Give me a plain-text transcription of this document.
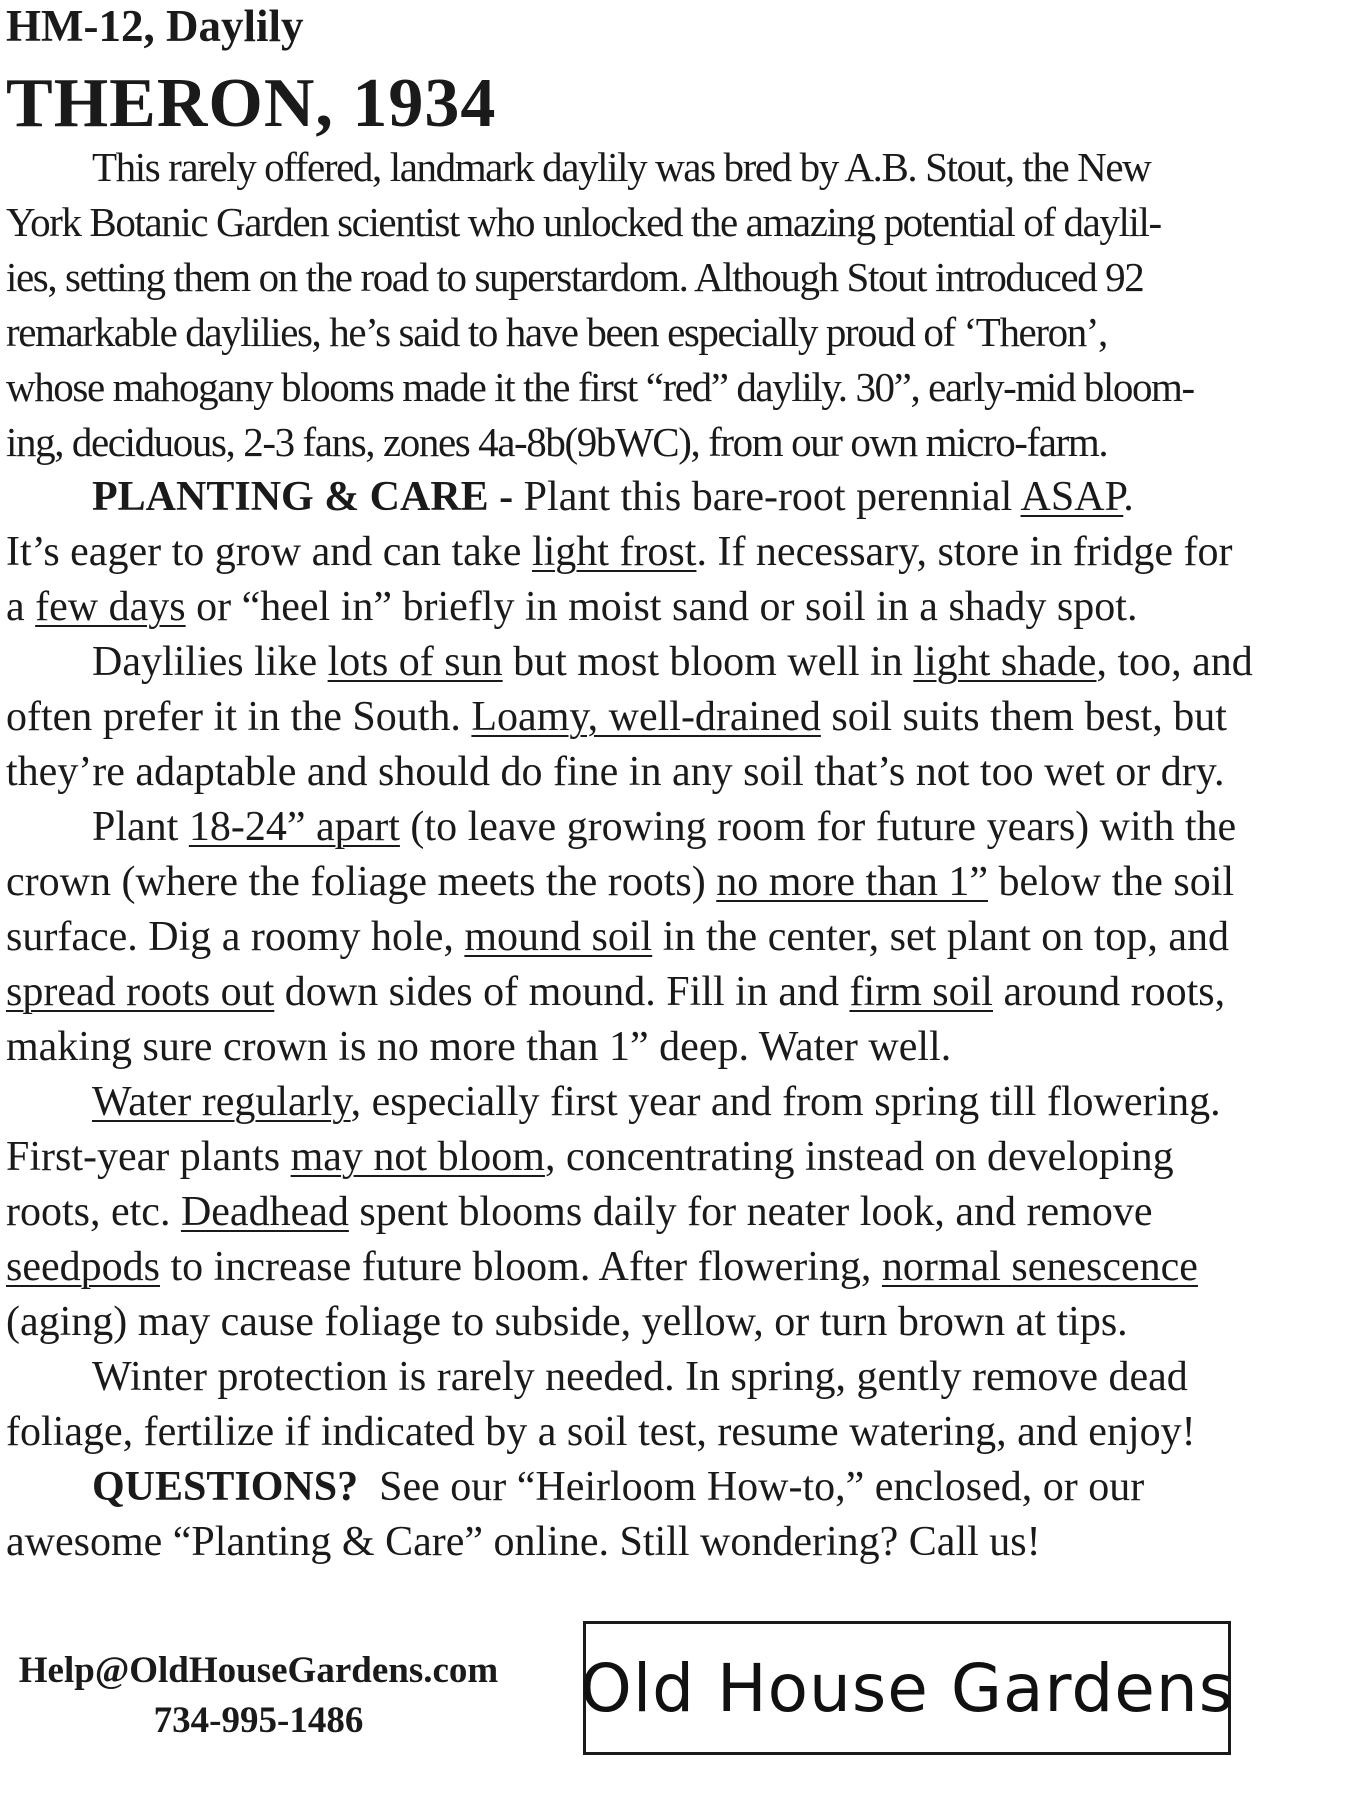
HM-12, Daylily
THERON, 1934
This rarely offered, landmark daylily was bred by A.B. Stout, the New
York Botanic Garden scientist who unlocked the amazing potential of daylil-
ies, setting them on the road to superstardom. Although Stout introduced 92
remarkable daylilies, he’s said to have been especially proud of ‘Theron’,
whose mahogany blooms made it the first “red” daylily. 30”, early-mid bloom-
ing, deciduous, 2-3 fans, zones 4a-8b(9bWC), from our own micro-farm.
PLANTING & CARE - Plant this bare-root perennial ASAP.
It’s eager to grow and can take light frost. If necessary, store in fridge for
a few days or “heel in” briefly in moist sand or soil in a shady spot.
Daylilies like lots of sun but most bloom well in light shade, too, and
often prefer it in the South. Loamy, well-drained soil suits them best, but
they’re adaptable and should do fine in any soil that’s not too wet or dry.
Plant 18-24” apart (to leave growing room for future years) with the
crown (where the foliage meets the roots) no more than 1” below the soil
surface. Dig a roomy hole, mound soil in the center, set plant on top, and
spread roots out down sides of mound. Fill in and firm soil around roots,
making sure crown is no more than 1” deep. Water well.
Water regularly, especially first year and from spring till flowering.
First-year plants may not bloom, concentrating instead on developing
roots, etc. Deadhead spent blooms daily for neater look, and remove
seedpods to increase future bloom. After flowering, normal senescence
(aging) may cause foliage to subside, yellow, or turn brown at tips.
Winter protection is rarely needed. In spring, gently remove dead
foliage, fertilize if indicated by a soil test, resume watering, and enjoy!
QUESTIONS?  See our “Heirloom How-to,” enclosed, or our
awesome “Planting & Care” online. Still wondering? Call us!
Help@OldHouseGardens.com
734-995-1486	Old House Gardens
